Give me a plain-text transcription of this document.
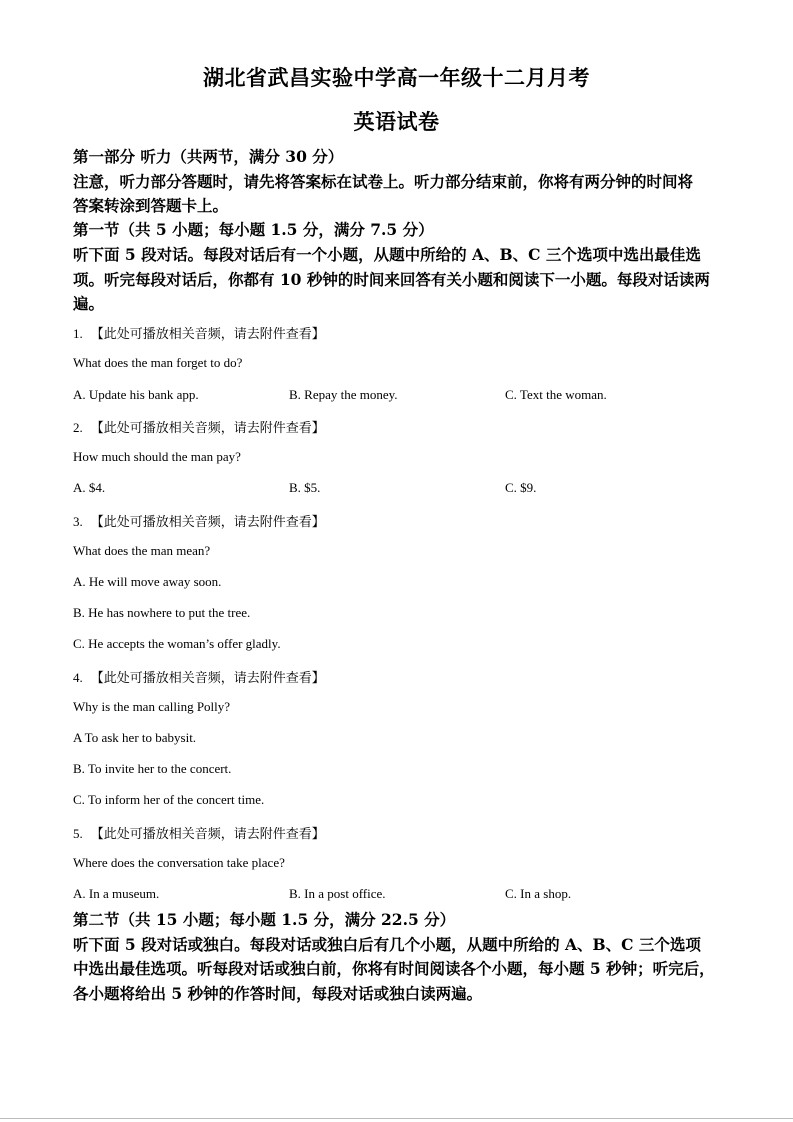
湖北省武昌实验中学高一年级十二月月考
英语试卷
第一部分 听力（共两节，满分 30 分）
注意，听力部分答题时，请先将答案标在试卷上。听力部分结束前，你将有两分钟的时间将
答案转涂到答题卡上。
第一节（共 5 小题；每小题 1.5 分，满分 7.5 分）
听下面 5 段对话。每段对话后有一个小题，从题中所给的 A、B、C 三个选项中选出最佳选
项。听完每段对话后，你都有 10 秒钟的时间来回答有关小题和阅读下一小题。每段对话读两
遍。
1. 【此处可播放相关音频，请去附件查看】
What does the man forget to do?
A. Update his bank app.	B. Repay the money.	C. Text the woman.
2. 【此处可播放相关音频，请去附件查看】
How much should the man pay?
A. $4.	B. $5.	C. $9.
3. 【此处可播放相关音频，请去附件查看】
What does the man mean?
A. He will move away soon.
B. He has nowhere to put the tree.
C. He accepts the woman’s offer gladly.
4. 【此处可播放相关音频，请去附件查看】
Why is the man calling Polly?
A To ask her to babysit.
B. To invite her to the concert.
C. To inform her of the concert time.
5. 【此处可播放相关音频，请去附件查看】
Where does the conversation take place?
A. In a museum.	B. In a post office.	C. In a shop.
第二节（共 15 小题；每小题 1.5 分，满分 22.5 分）
听下面 5 段对话或独白。每段对话或独白后有几个小题，从题中所给的 A、B、C 三个选项
中选出最佳选项。听每段对话或独白前，你将有时间阅读各个小题，每小题 5 秒钟；听完后，
各小题将给出 5 秒钟的作答时间，每段对话或独白读两遍。
